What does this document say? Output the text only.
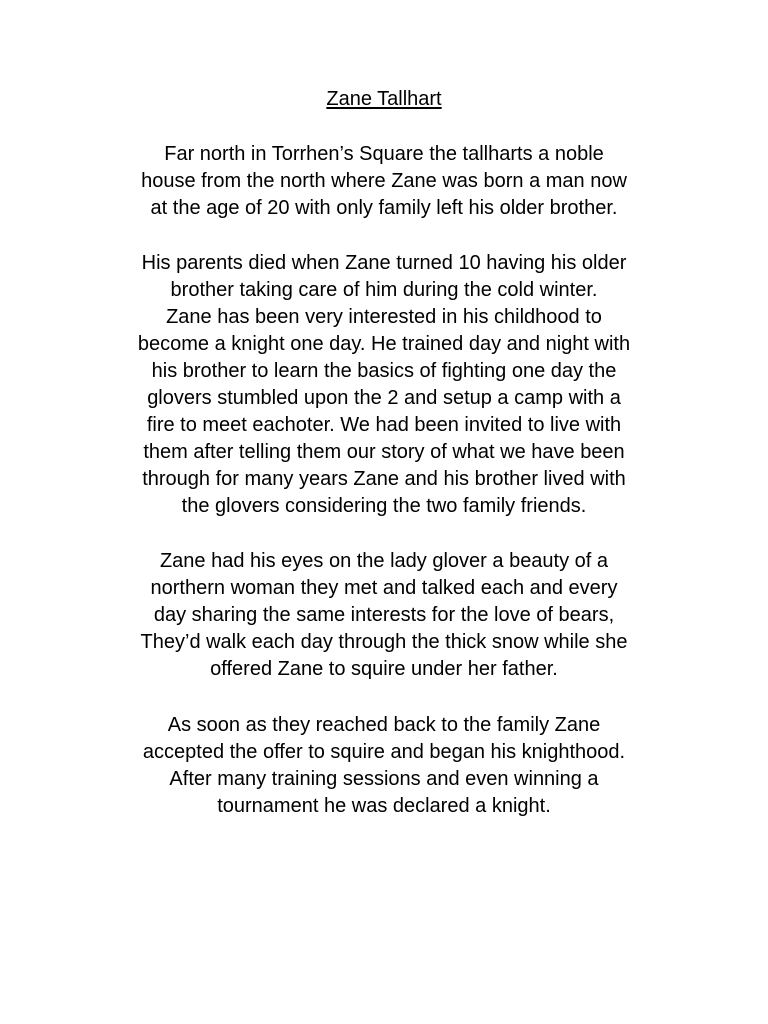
Zane Tallhart

Far north in Torrhen’s Square the tallharts a noble
house from the north where Zane was born a man now
at the age of 20 with only family left his older brother.

His parents died when Zane turned 10 having his older
brother taking care of him during the cold winter.
Zane has been very interested in his childhood to
become a knight one day. He trained day and night with
his brother to learn the basics of fighting one day the
glovers stumbled upon the 2 and setup a camp with a
fire to meet eachoter. We had been invited to live with
them after telling them our story of what we have been
through for many years Zane and his brother lived with
the glovers considering the two family friends.

Zane had his eyes on the lady glover a beauty of a
northern woman they met and talked each and every
day sharing the same interests for the love of bears,
They’d walk each day through the thick snow while she
offered Zane to squire under her father.

As soon as they reached back to the family Zane
accepted the offer to squire and began his knighthood.
After many training sessions and even winning a
tournament he was declared a knight.
